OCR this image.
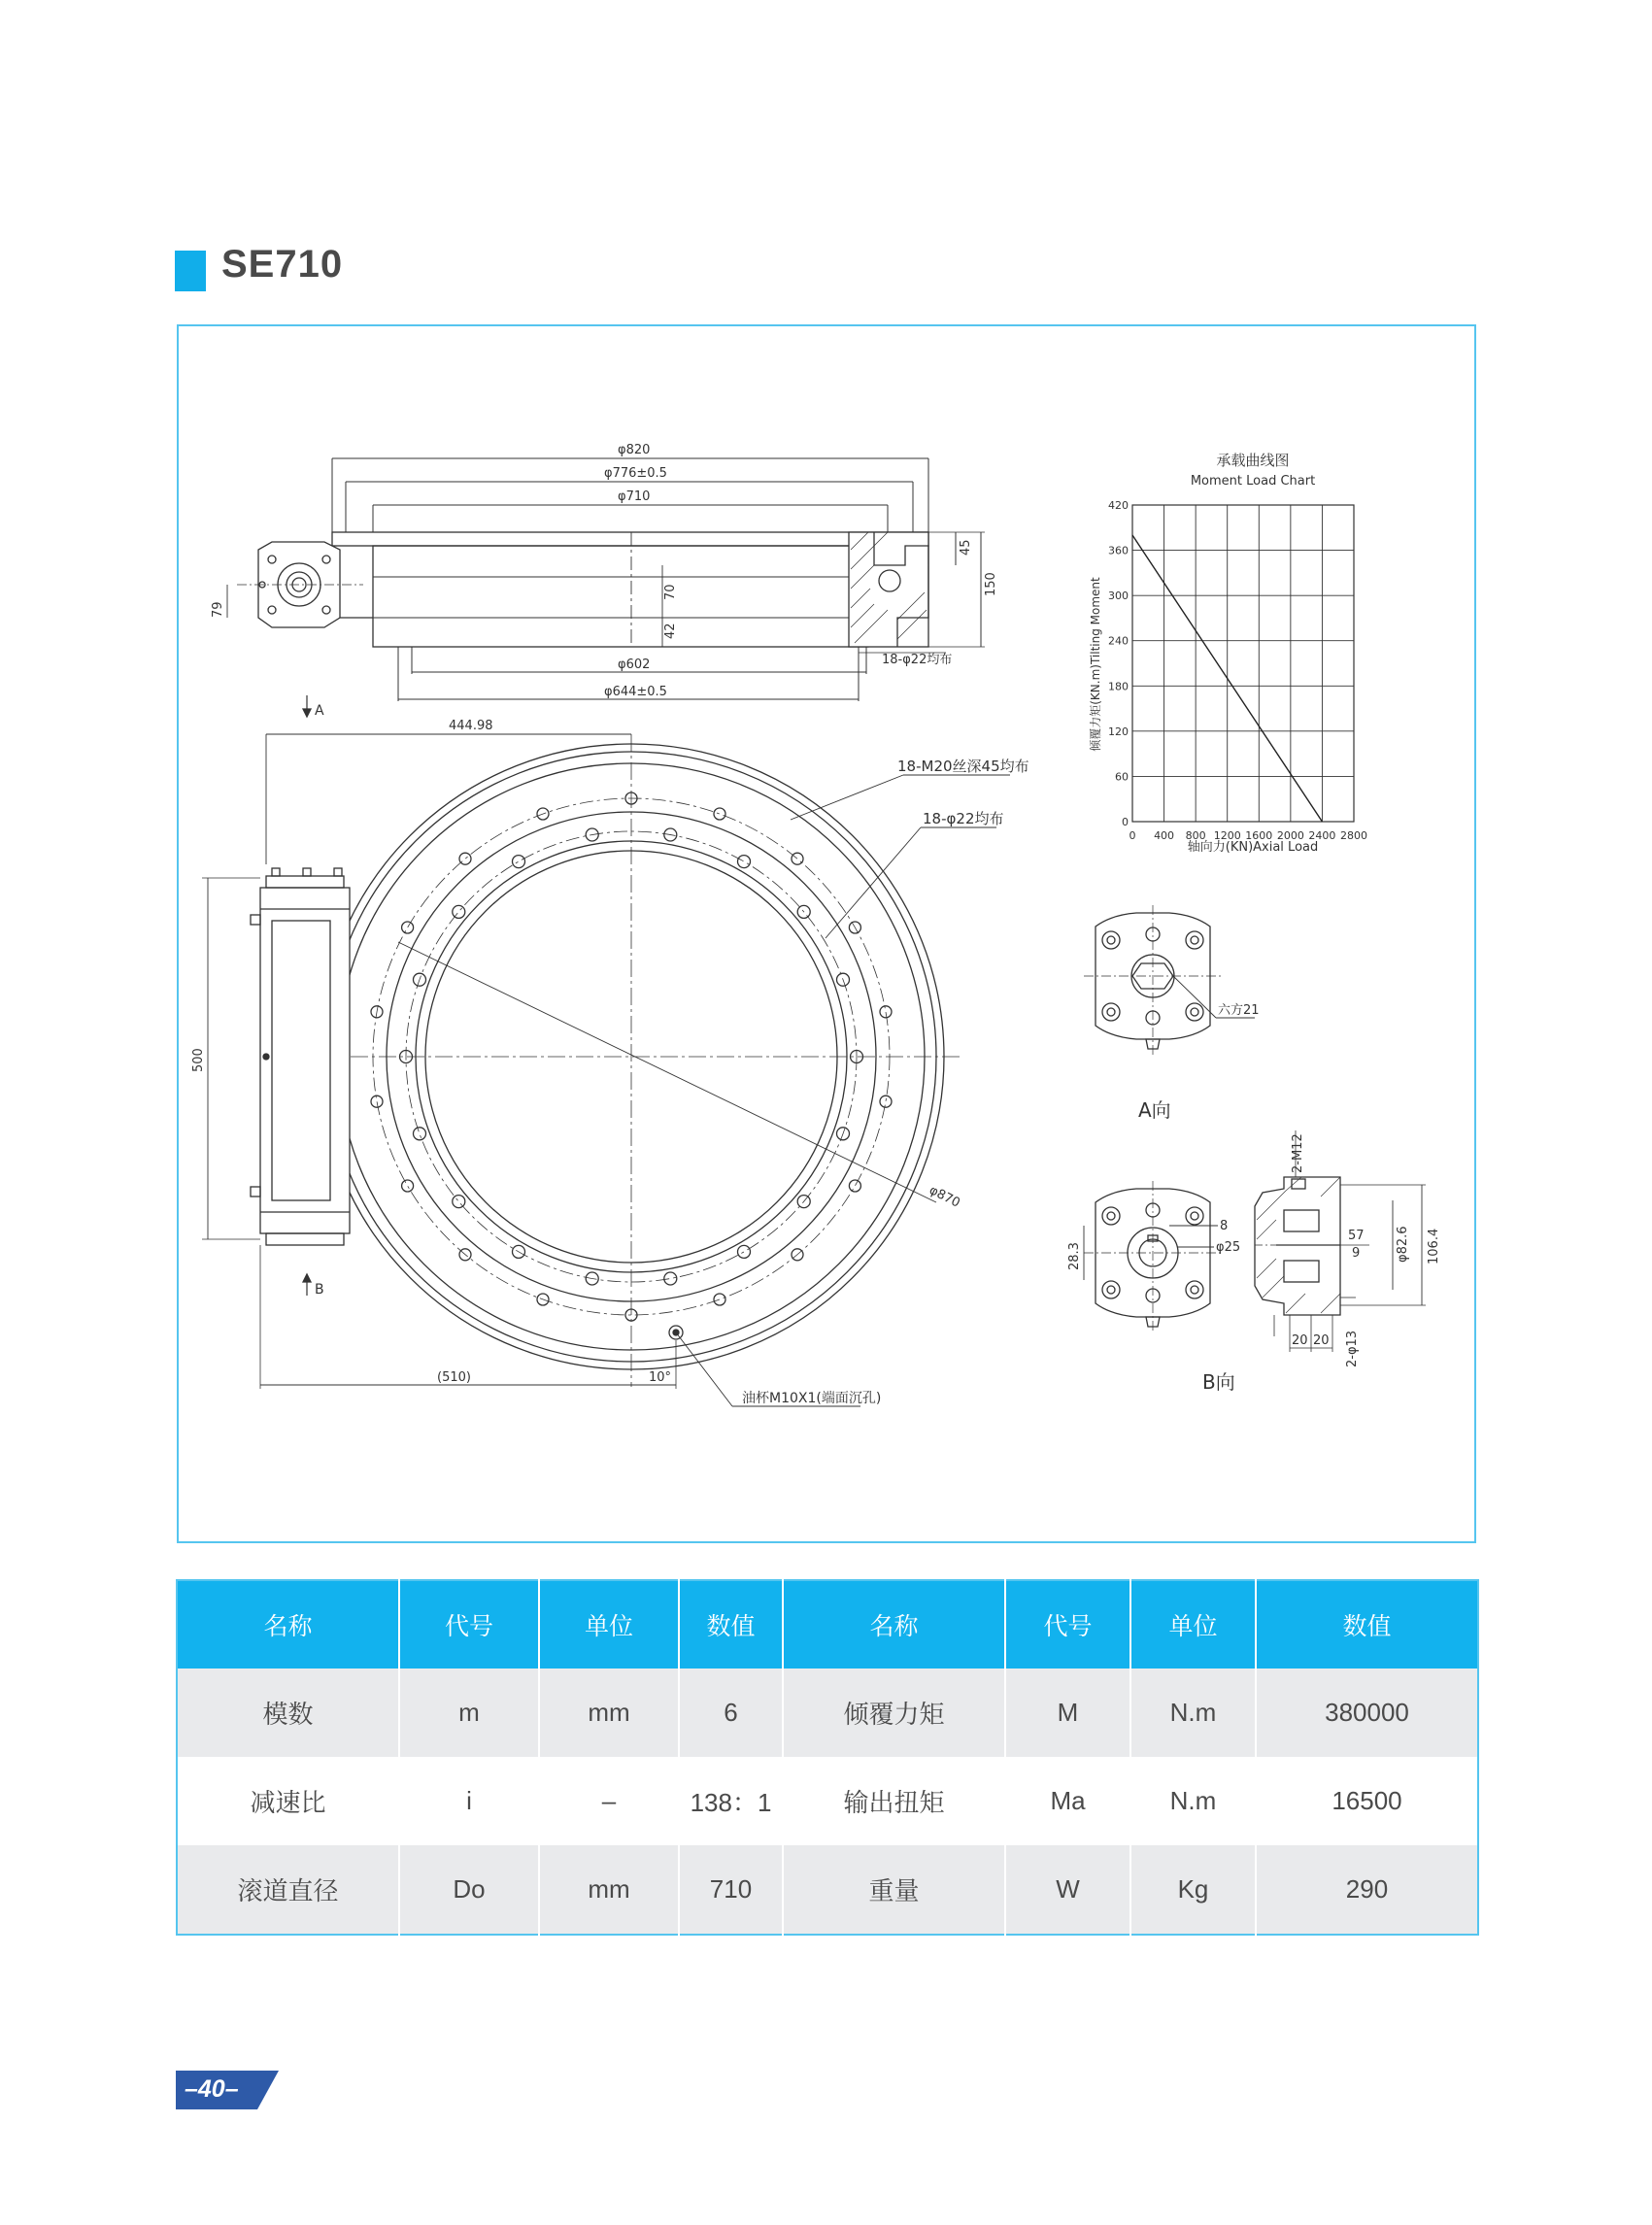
SE710
φ820
φ776±0.5
φ710
φ602
φ644±0.5
18-φ22均布
150
45
70
42
79
A
φ870
18-M20丝深45均布
18-φ22均布
油杯M10X1(端面沉孔)
444.98
500
(510)	10°
B
承载曲线图
Moment Load Chart
0 400 800 1200 1600 2000 2400 2800
0
60
120
180
240
300
360
420
轴向力(KN)Axial Load
倾覆力矩(KN.m)Tilting Moment
六方21
A向
28.3
8
φ25
B向
106.4
φ82.6
57
9
20 20 2-φ13
2-M12
名称	代号	单位	数值	名称	代号	单位	数值
模数	m	mm	6	倾覆力矩	M	N.m	380000
减速比	i	–	138：1	输出扭矩	Ma	N.m	16500
滚道直径	Do	mm	710	重量	W	Kg	290
–40–
